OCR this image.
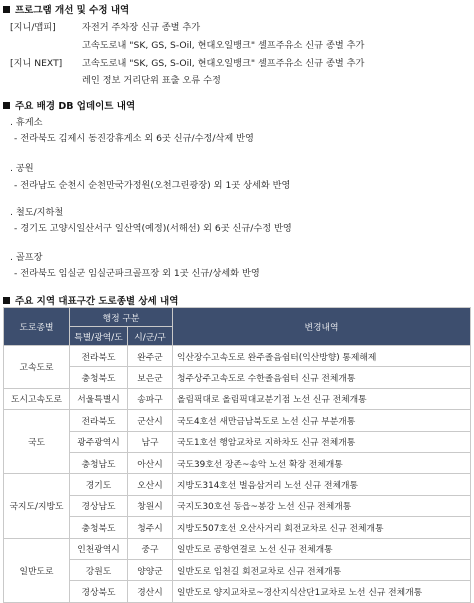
프로그램 개선 및 수정 내역
[지니/맵피]	자전거 주차장 신규 종별 추가
고속도로내 "SK, GS, S-Oil, 현대오일뱅크" 셀프주유소 신규 종별 추가
[지니 NEXT] 고속도로내 "SK, GS, S-Oil, 현대오일뱅크" 셀프주유소 신규 종별 추가
레인 정보 거리단위 표출 오류 수정
주요 배경 DB 업데이트 내역
. 휴게소
- 전라북도 김제시 동진강휴게소 외 6곳 신규/수정/삭제 반영
. 공원
- 전라남도 순천시 순천만국가정원(오천그린광장) 외 1곳 상세화 반영
. 철도/지하철
- 경기도 고양시일산서구 일산역(예정)(서해선) 외 6곳 신규/수정 반영
. 골프장
- 전라북도 임실군 임실군파크골프장 외 1곳 신규/상세화 반영
주요 지역 대표구간 도로종별 상세 내역
도로종별	행정 구분		변경내역
	특별/광역/도	시/군/구	
고속도로	전라북도	완주군	익산장수고속도로 완주졸음쉼터(익산방향) 통제해제
	충청북도	보은군	청주상주고속도로 수한졸음쉼터 신규 전체개통
도시고속도로	서울특별시	송파구	올림픽대로 올림픽대교분기점 노선 신규 전체개통
국도	전라북도	군산시	국도4호선 새만금남북도로 노선 신규 부분개통
	광주광역시	남구	국도1호선 행암교차로 지하차도 신규 전체개통
	충청남도	아산시	국도39호선 장존~송악 노선 확장 전체개통
국지도/지방도	경기도	오산시	지방도314호선 벌음삼거리 노선 신규 전체개통
	경상남도	창원시	국지도30호선 동읍~봉강 노선 신규 전체개통
	충청북도	청주시	지방도507호선 오산사거리 회전교차로 신규 전체개통
일반도로	인천광역시	중구	일반도로 공항연결로 노선 신규 전체개통
	강원도	양양군	일반도로 임천길 회전교차로 신규 전체개통
	경상북도	경산시	일반도로 양지교차로~경산지식산단1교차로 노선 신규 전체개통
